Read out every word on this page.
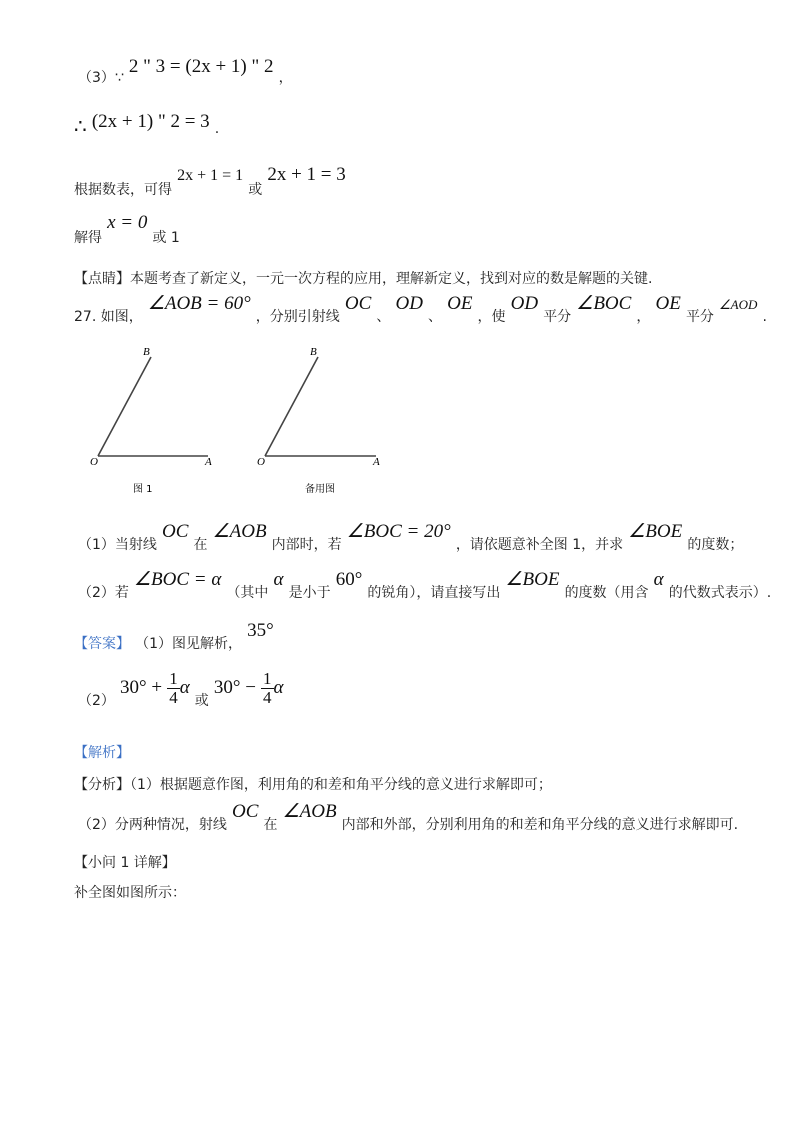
（3）∵ 2 " 3 = (2x + 1) " 2 ，
∴ (2x + 1) " 2 = 3 .
根据数表，可得 2x + 1 = 1 或 2x + 1 = 3
解得 x = 0 或 1
【点睛】本题考查了新定义，一元一次方程的应用，理解新定义，找到对应的数是解题的关键.
27. 如图， ∠AOB = 60° ，分别引射线 OC 、 OD 、 OE ，使 OD 平分 ∠BOC ， OE 平分 ∠AOD .
B
O	A
图 1
B
O	A
备用图
（1）当射线 OC 在 ∠AOB 内部时，若 ∠BOC = 20° ，请依题意补全图 1，并求 ∠BOE 的度数；
（2）若 ∠BOC = α （其中 α 是小于 60° 的锐角），请直接写出 ∠BOE 的度数（用含 α 的代数式表示）.
【答案】 （1）图见解析， 35°
（2） $30^\circ + \frac{1}{4}$ α 或 $30^\circ - \frac{1}{4}$ α
【解析】
【分析】（1）根据题意作图，利用角的和差和角平分线的意义进行求解即可；
（2）分两种情况，射线 OC 在 ∠AOB 内部和外部，分别利用角的和差和角平分线的意义进行求解即可.
【小问 1 详解】
补全图如图所示：
